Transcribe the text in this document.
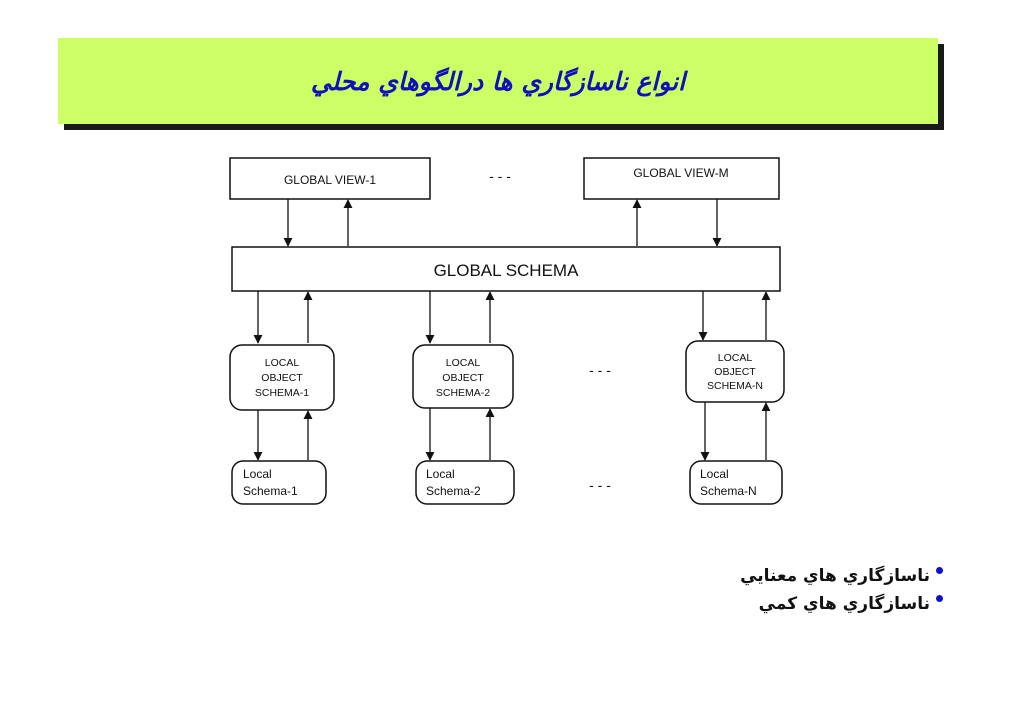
انواع ناسازگاري ها درالگوهاي محلي
GLOBAL VIEW-1	- - -	GLOBAL VIEW-M
GLOBAL SCHEMA
LOCAL
OBJECT
SCHEMA-1
LOCAL
OBJECT
SCHEMA-2
- - -
LOCAL
OBJECT
SCHEMA-N
Local
Schema-1
Local
Schema-2	- - -
Local
Schema-N
ناسازگاري هاي معنايي
ناسازگاري هاي کمي
